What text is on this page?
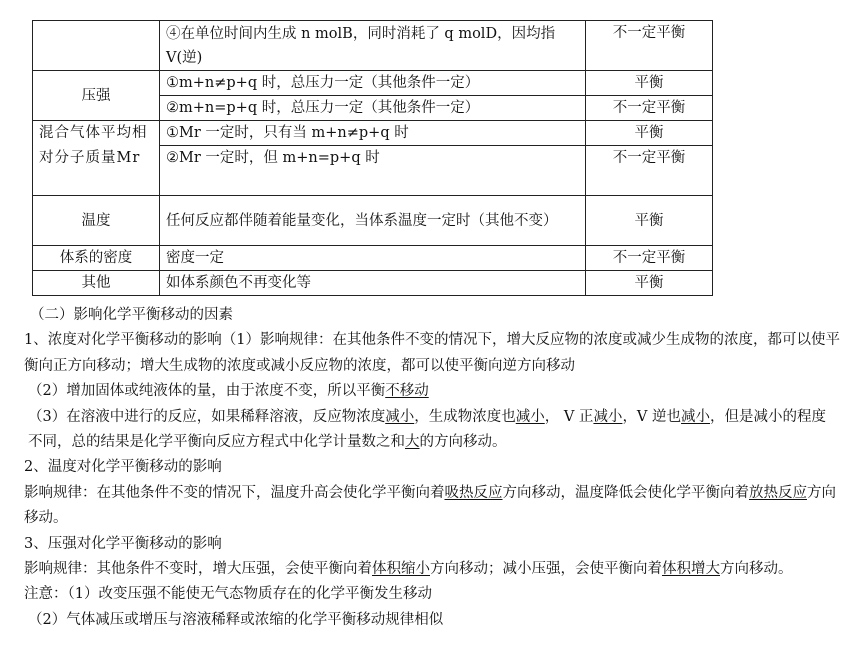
	④在单位时间内生成 n molB，同时消耗了 q molD，因均指 V(逆)	不一定平衡
压强	①m+n≠p+q 时，总压力一定（其他条件一定）	平衡
	②m+n=p+q 时，总压力一定（其他条件一定）	不一定平衡
混合气体平均相对分子质量Mr	①Mr 一定时，只有当 m+n≠p+q 时	平衡
	②Mr 一定时，但 m+n=p+q 时	不一定平衡
温度	任何反应都伴随着能量变化，当体系温度一定时（其他不变）	平衡
体系的密度	密度一定	不一定平衡
其他	如体系颜色不再变化等	平衡

（二）影响化学平衡移动的因素

1、浓度对化学平衡移动的影响（1）影响规律：在其他条件不变的情况下，增大反应物的浓度或减少生成物的浓度，都可以使平衡向正方向移动；增大生成物的浓度或减小反应物的浓度，都可以使平衡向逆方向移动

（2）增加固体或纯液体的量，由于浓度不变，所以平衡不移动

（3）在溶液中进行的反应，如果稀释溶液，反应物浓度减小，生成物浓度也减小， V 正减小，V 逆也减小，但是减小的程度不同，总的结果是化学平衡向反应方程式中化学计量数之和大的方向移动。

2、温度对化学平衡移动的影响

影响规律：在其他条件不变的情况下，温度升高会使化学平衡向着吸热反应方向移动，温度降低会使化学平衡向着放热反应方向移动。

3、压强对化学平衡移动的影响

影响规律：其他条件不变时，增大压强，会使平衡向着体积缩小方向移动；减小压强，会使平衡向着体积增大方向移动。

注意：（1）改变压强不能使无气态物质存在的化学平衡发生移动

（2）气体减压或增压与溶液稀释或浓缩的化学平衡移动规律相似
